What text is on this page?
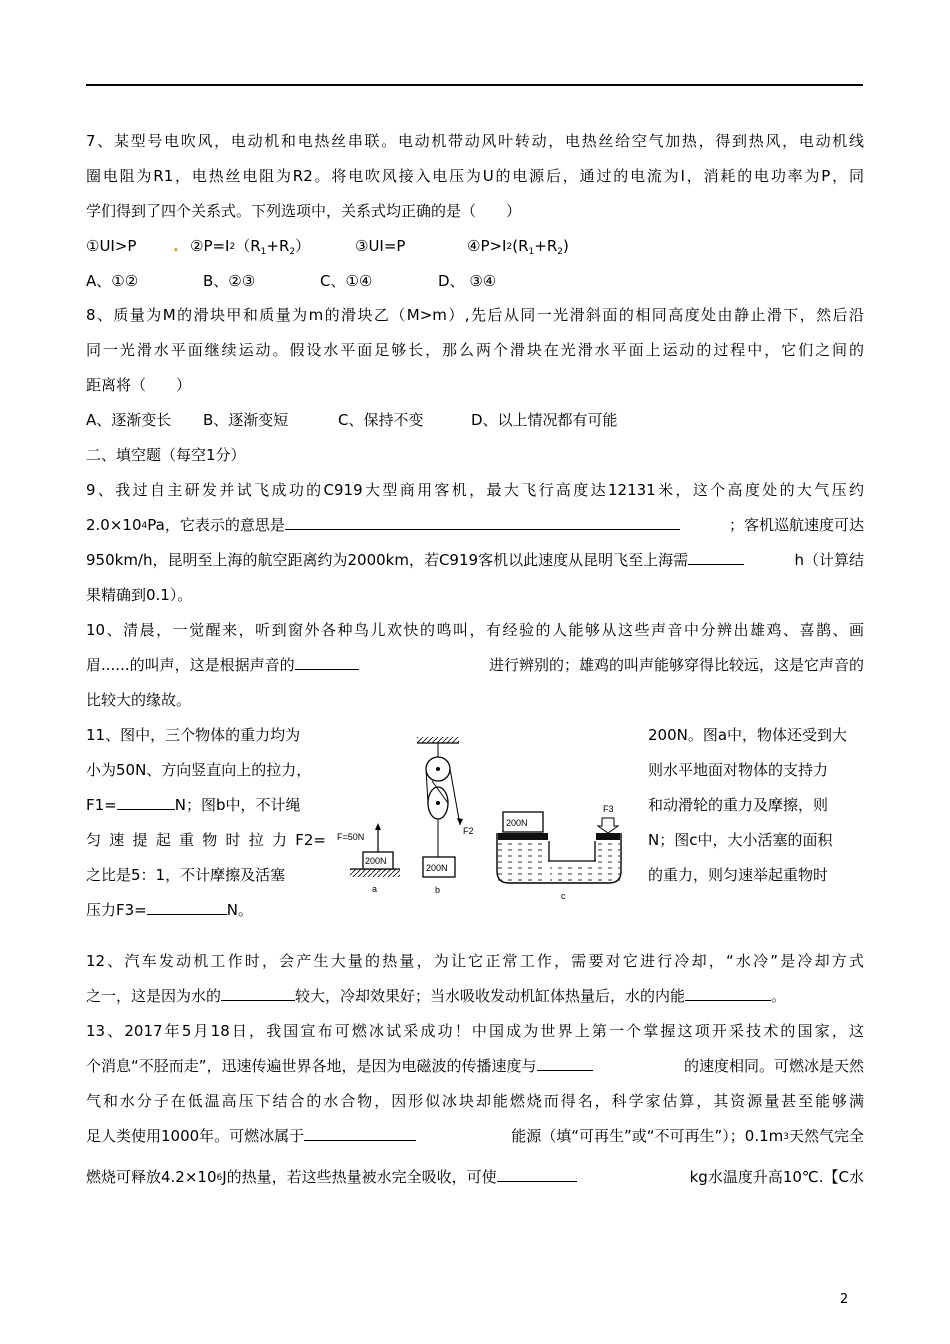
7、某型号电吹风，电动机和电热丝串联。电动机带动风叶转动，电热丝给空气加热，得到热风，电动机线
圈电阻为R1，电热丝电阻为R2。将电吹风接入电压为U的电源后，通过的电流为I，消耗的电功率为P，同
学们得到了四个关系式。下列选项中，关系式均正确的是（　　）
①UI>P . $②P=I^2(R_1+R_2)$	③UI=P	$④P>I^2(R_1+R_2)$
A、①②	B、②③	C、①④	D、 ③④
8、质量为M的滑块甲和质量为m的滑块乙（M>m）,先后从同一光滑斜面的相同高度处由静止滑下，然后沿
同一光滑水平面继续运动。假设水平面足够长，那么两个滑块在光滑水平面上运动的过程中，它们之间的
距离将（　　）
A、逐渐变长 B、逐渐变短	C、保持不变	D、以上情况都有可能
二、填空题（每空1分）
9、我过自主研发并试飞成功的C919大型商用客机，最大飞行高度达12131米，这个高度处的大气压约
$2.0\times 10^4Pa$，它表示的意思是	；客机巡航速度可达
950km/h，昆明至上海的航空距离约为2000km，若C919客机以此速度从昆明飞至上海需	h（计算结
果精确到0.1）。
10、清晨，一觉醒来，听到窗外各种鸟儿欢快的鸣叫，有经验的人能够从这些声音中分辨出雄鸡、喜鹊、画
眉......的叫声，这是根据声音的	进行辨别的；雄鸡的叫声能够穿得比较远，这是它声音的
比较大的缘故。
11、图中，三个物体的重力均为	200N。图a中，物体还受到大
小为50N、方向竖直向上的拉力，	则水平地面对物体的支持力
F1=	N；图b中，不计绳	和动滑轮的重力及摩擦，则
匀速提起重物时拉力F2=	N；图c中，大小活塞的面积
之比是5：1，不计摩擦及活塞	的重力，则匀速举起重物时
压力F3=	N。
F=50N
200N
a
F2
200N
b
F3
200N
c
12、汽车发动机工作时，会产生大量的热量，为让它正常工作，需要对它进行冷却，“水冷”是冷却方式
之一，这是因为水的	较大，冷却效果好；当水吸收发动机缸体热量后，水的内能	。
13、2017年5月18日，我国宣布可燃冰试采成功！中国成为世界上第一个掌握这项开采技术的国家，这
个消息“不胫而走”，迅速传遍世界各地，是因为电磁波的传播速度与	的速度相同。可燃冰是天然
气和水分子在低温高压下结合的水合物，因形似冰块却能燃烧而得名，科学家估算，其资源量甚至能够满
足人类使用1000年。可燃冰属于	能源（填“可再生”或“不可再生”）；$0.1m^3$天然气完全
燃烧可释放$4.2\times 10^6J$的热量，若这些热量被水完全吸收，可使	kg水温度升高10℃.【C水
2
